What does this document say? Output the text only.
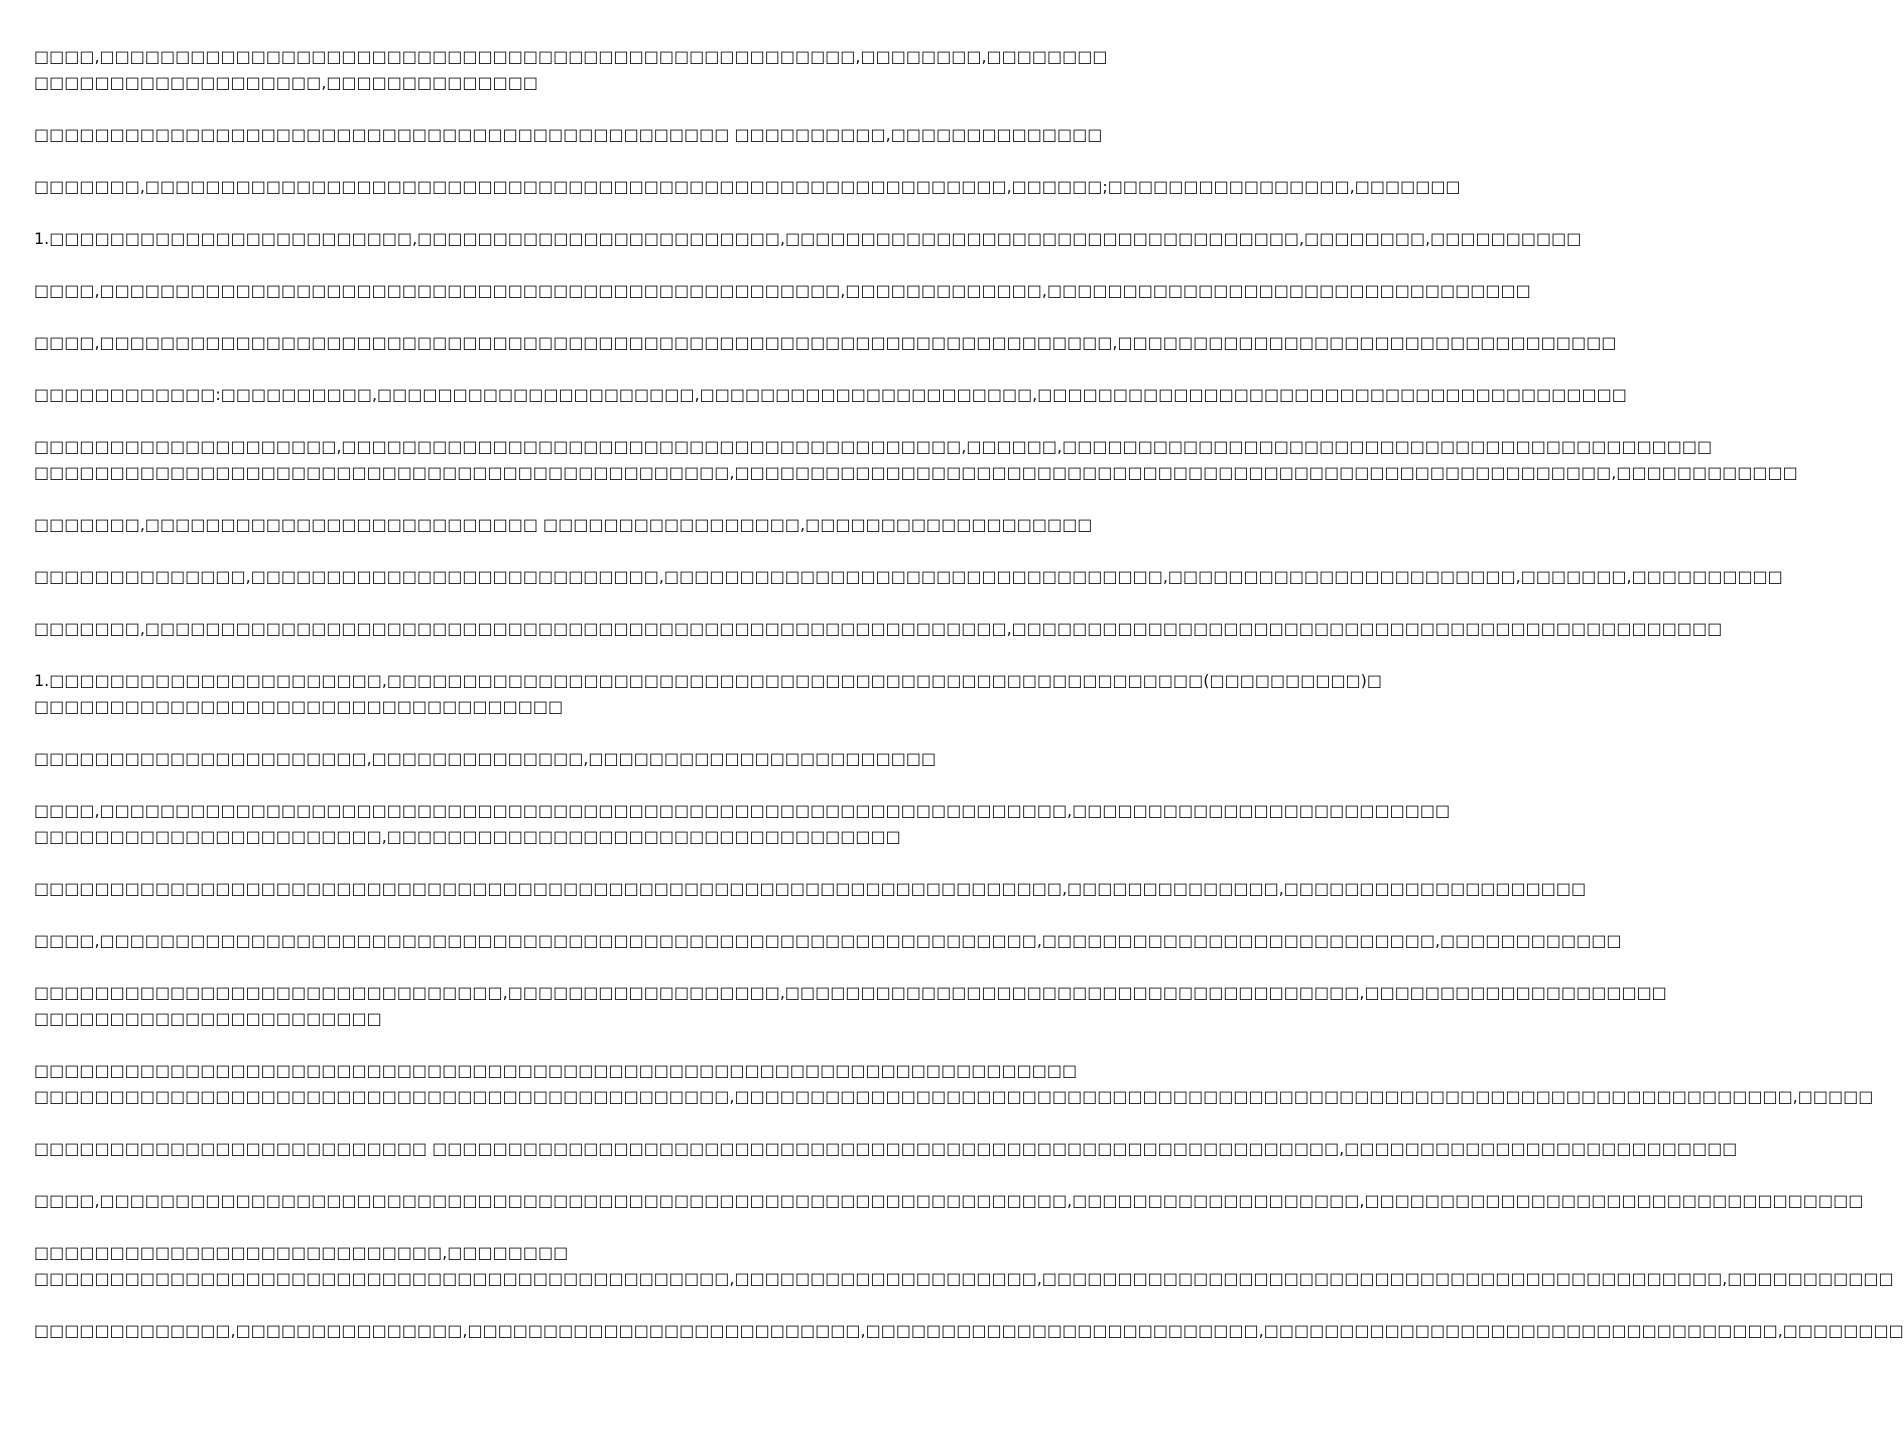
□□□□,□□□□□□□□□□□□□□□□□□□□□□□□□□□□□□□□□□□□□□□□□□□□□□□□□□,□□□□□□□□,□□□□□□□□
□□□□□□□□□□□□□□□□□□□,□□□□□□□□□□□□□□
□□□□□□□□□□□□□□□□□□□□□□□□□□□□□□□□□□□□□□□□□□□□□□ □□□□□□□□□□,□□□□□□□□□□□□□□
□□□□□□□,□□□□□□□□□□□□□□□□□□□□□□□□□□□□□□□□□□□□□□□□□□□□□□□□□□□□□□□□□,□□□□□□;□□□□□□□□□□□□□□□□,□□□□□□□
1.□□□□□□□□□□□□□□□□□□□□□□□□,□□□□□□□□□□□□□□□□□□□□□□□□,□□□□□□□□□□□□□□□□□□□□□□□□□□□□□□□□□□,□□□□□□□□,□□□□□□□□□□
□□□□,□□□□□□□□□□□□□□□□□□□□□□□□□□□□□□□□□□□□□□□□□□□□□□□□□,□□□□□□□□□□□□□,□□□□□□□□□□□□□□□□□□□□□□□□□□□□□□□□
□□□□,□□□□□□□□□□□□□□□□□□□□□□□□□□□□□□□□□□□□□□□□□□□□□□□□□□□□□□□□□□□□□□□□□□□,□□□□□□□□□□□□□□□□□□□□□□□□□□□□□□□□□
□□□□□□□□□□□□:□□□□□□□□□□,□□□□□□□□□□□□□□□□□□□□□,□□□□□□□□□□□□□□□□□□□□□□,□□□□□□□□□□□□□□□□□□□□□□□□□□□□□□□□□□□□□□□
□□□□□□□□□□□□□□□□□□□□,□□□□□□□□□□□□□□□□□□□□□□□□□□□□□□□□□□□□□□□□□,□□□□□□,□□□□□□□□□□□□□□□□□□□□□□□□□□□□□□□□□□□□□□□□□□□
□□□□□□□□□□□□□□□□□□□□□□□□□□□□□□□□□□□□□□□□□□□□□□,□□□□□□□□□□□□□□□□□□□□□□□□□□□□□□□□□□□□□□□□□□□□□□□□□□□□□□□□□□,□□□□□□□□□□□□
□□□□□□□,□□□□□□□□□□□□□□□□□□□□□□□□□□ □□□□□□□□□□□□□□□□□,□□□□□□□□□□□□□□□□□□□
□□□□□□□□□□□□□□,□□□□□□□□□□□□□□□□□□□□□□□□□□□,□□□□□□□□□□□□□□□□□□□□□□□□□□□□□□□□□,□□□□□□□□□□□□□□□□□□□□□□□,□□□□□□□,□□□□□□□□□□
□□□□□□□,□□□□□□□□□□□□□□□□□□□□□□□□□□□□□□□□□□□□□□□□□□□□□□□□□□□□□□□□□,□□□□□□□□□□□□□□□□□□□□□□□□□□□□□□□□□□□□□□□□□□□□□□□
1.□□□□□□□□□□□□□□□□□□□□□□,□□□□□□□□□□□□□□□□□□□□□□□□□□□□□□□□□□□□□□□□□□□□□□□□□□□□□□(□□□□□□□□□□)□
□□□□□□□□□□□□□□□□□□□□□□□□□□□□□□□□□□□
□□□□□□□□□□□□□□□□□□□□□□,□□□□□□□□□□□□□□,□□□□□□□□□□□□□□□□□□□□□□□
□□□□,□□□□□□□□□□□□□□□□□□□□□□□□□□□□□□□□□□□□□□□□□□□□□□□□□□□□□□□□□□□□□□□□,□□□□□□□□□□□□□□□□□□□□□□□□□
□□□□□□□□□□□□□□□□□□□□□□□,□□□□□□□□□□□□□□□□□□□□□□□□□□□□□□□□□□
□□□□□□□□□□□□□□□□□□□□□□□□□□□□□□□□□□□□□□□□□□□□□□□□□□□□□□□□□□□□□□□□□□□□,□□□□□□□□□□□□□□,□□□□□□□□□□□□□□□□□□□□
□□□□,□□□□□□□□□□□□□□□□□□□□□□□□□□□□□□□□□□□□□□□□□□□□□□□□□□□□□□□□□□□□□□,□□□□□□□□□□□□□□□□□□□□□□□□□□,□□□□□□□□□□□□
□□□□□□□□□□□□□□□□□□□□□□□□□□□□□□□,□□□□□□□□□□□□□□□□□□,□□□□□□□□□□□□□□□□□□□□□□□□□□□□□□□□□□□□□□,□□□□□□□□□□□□□□□□□□□□
□□□□□□□□□□□□□□□□□□□□□□□
□□□□□□□□□□□□□□□□□□□□□□□□□□□□□□□□□□□□□□□□□□□□□□□□□□□□□□□□□□□□□□□□□□□□□
□□□□□□□□□□□□□□□□□□□□□□□□□□□□□□□□□□□□□□□□□□□□□□,□□□□□□□□□□□□□□□□□□□□□□□□□□□□□□□□□□□□□□□□□□□□□□□□□□□□□□□□□□□□□□□□□□□□□□,□□□□□
□□□□□□□□□□□□□□□□□□□□□□□□□□ □□□□□□□□□□□□□□□□□□□□□□□□□□□□□□□□□□□□□□□□□□□□□□□□□□□□□□□□□□□□,□□□□□□□□□□□□□□□□□□□□□□□□□□
□□□□,□□□□□□□□□□□□□□□□□□□□□□□□□□□□□□□□□□□□□□□□□□□□□□□□□□□□□□□□□□□□□□□□,□□□□□□□□□□□□□□□□□□□,□□□□□□□□□□□□□□□□□□□□□□□□□□□□□□□□□
□□□□□□□□□□□□□□□□□□□□□□□□□□□,□□□□□□□□
□□□□□□□□□□□□□□□□□□□□□□□□□□□□□□□□□□□□□□□□□□□□□□,□□□□□□□□□□□□□□□□□□□□,□□□□□□□□□□□□□□□□□□□□□□□□□□□□□□□□□□□□□□□□□□□□□,□□□□□□□□□□□
□□□□□□□□□□□□□,□□□□□□□□□□□□□□□,□□□□□□□□□□□□□□□□□□□□□□□□□□,□□□□□□□□□□□□□□□□□□□□□□□□□□,□□□□□□□□□□□□□□□□□□□□□□□□□□□□□□□□□□,□□□□□□□□
